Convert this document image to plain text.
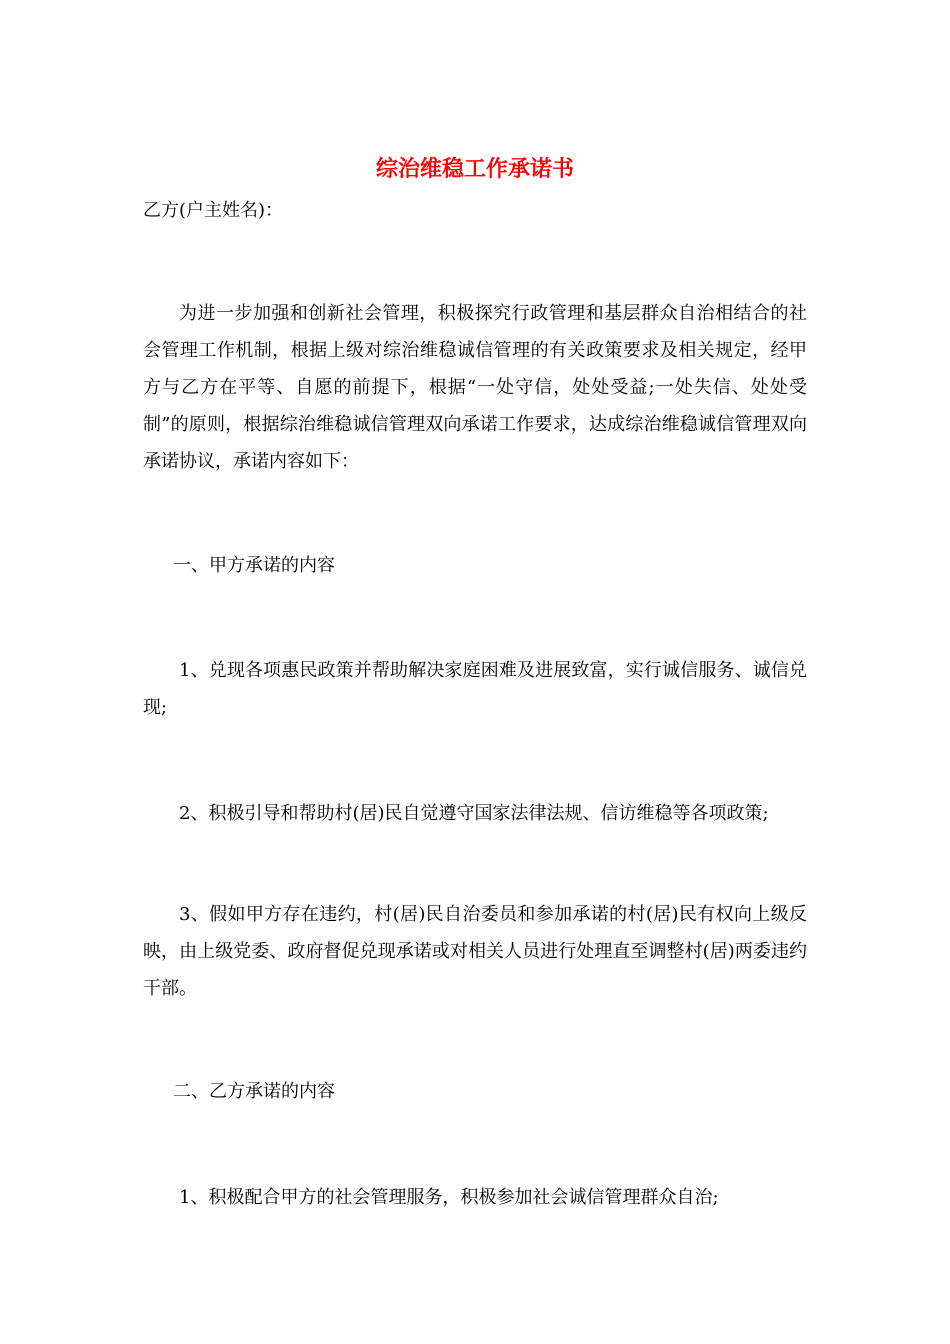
综治维稳工作承诺书
乙方(户主姓名)：

为进一步加强和创新社会管理，积极探究行政管理和基层群众自治相结合的社会管理工作机制，根据上级对综治维稳诚信管理的有关政策要求及相关规定，经甲方与乙方在平等、自愿的前提下，根据“一处守信，处处受益;一处失信、处处受制”的原则，根据综治维稳诚信管理双向承诺工作要求，达成综治维稳诚信管理双向承诺协议，承诺内容如下：

一、甲方承诺的内容

1、兑现各项惠民政策并帮助解决家庭困难及进展致富，实行诚信服务、诚信兑现;

2、积极引导和帮助村(居)民自觉遵守国家法律法规、信访维稳等各项政策;

3、假如甲方存在违约，村(居)民自治委员和参加承诺的村(居)民有权向上级反映，由上级党委、政府督促兑现承诺或对相关人员进行处理直至调整村(居)两委违约干部。

二、乙方承诺的内容

1、积极配合甲方的社会管理服务，积极参加社会诚信管理群众自治;
